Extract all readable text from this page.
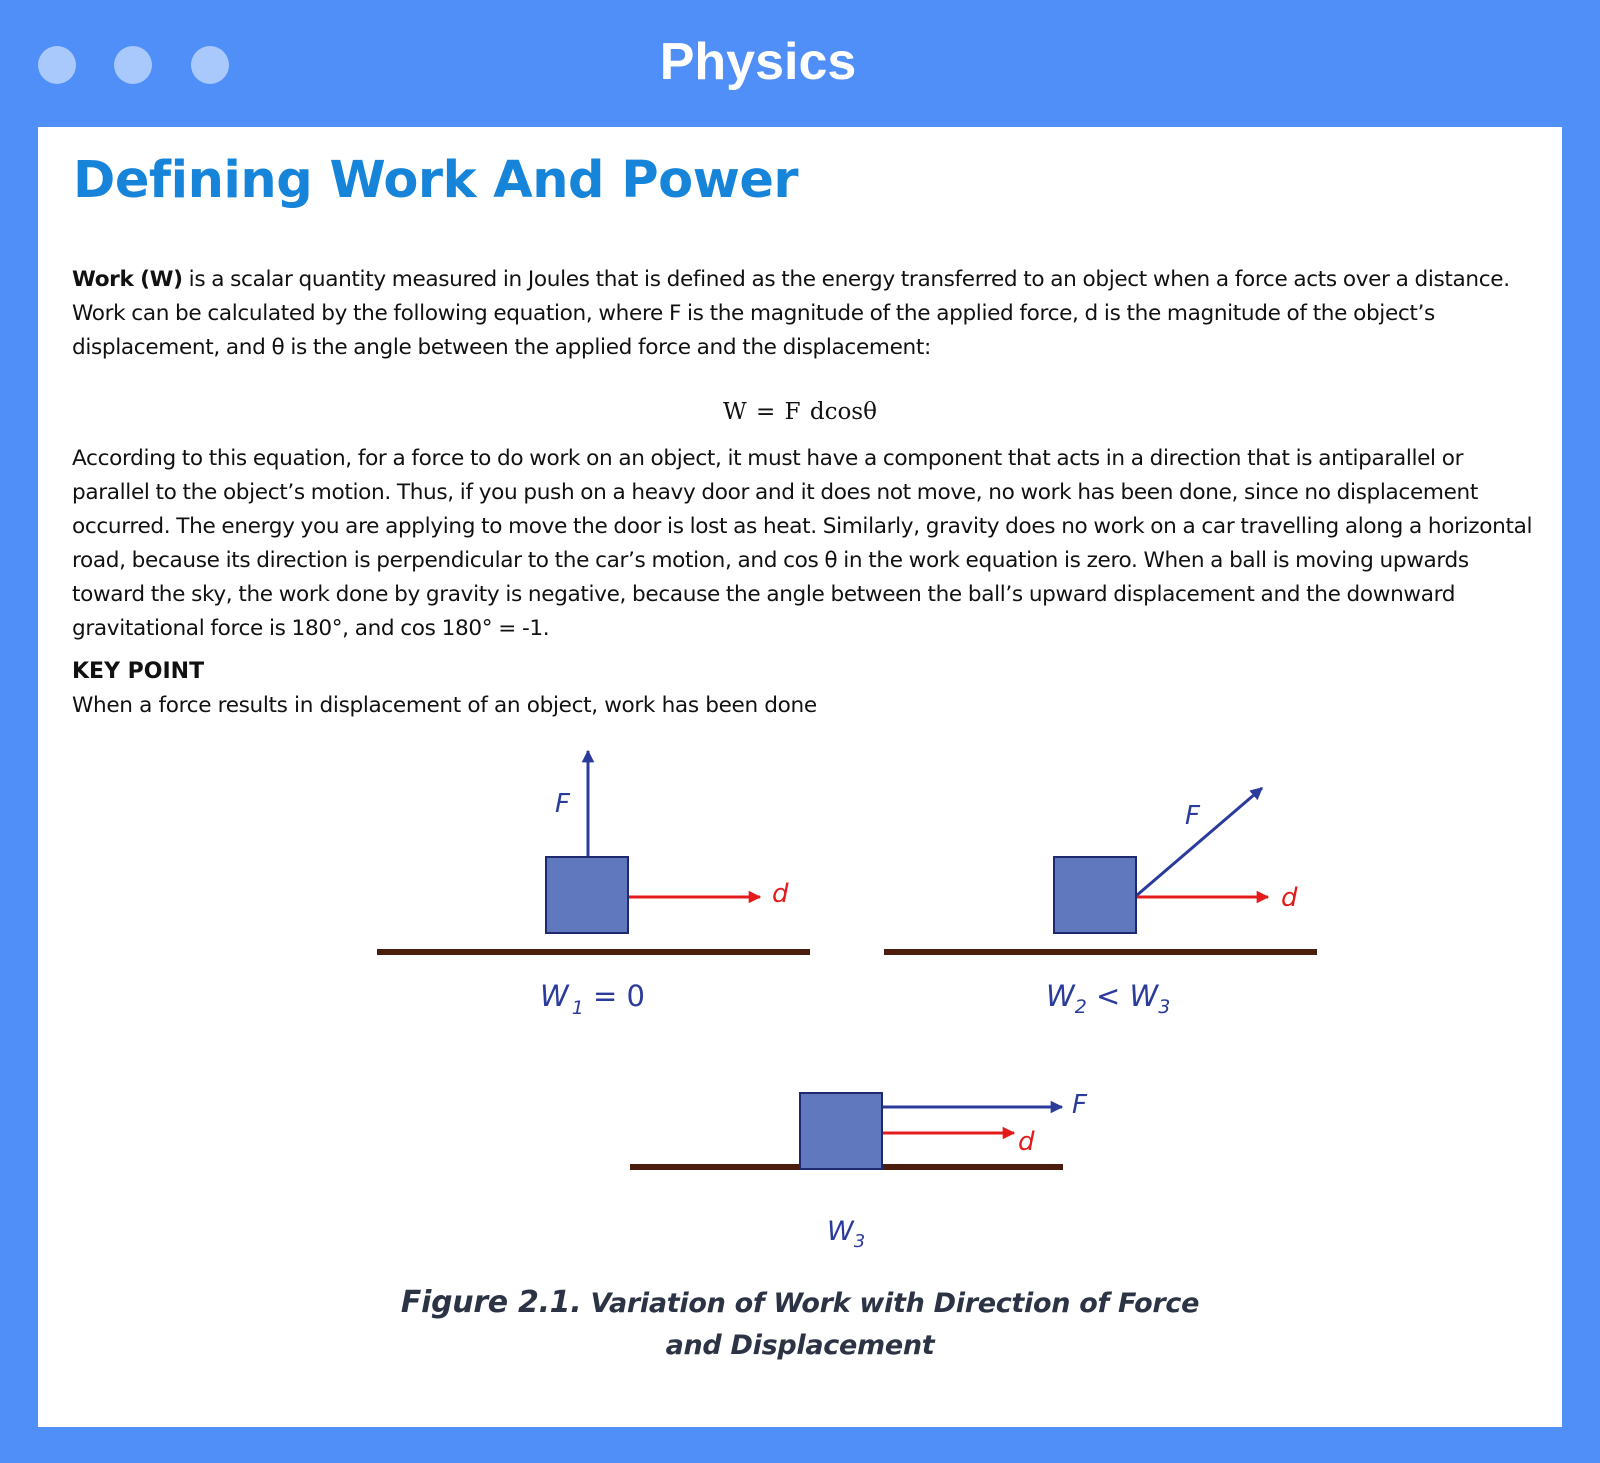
Physics
Defining Work And Power

Work (W) is a scalar quantity measured in Joules that is defined as the energy transferred to an object when a force acts over a distance. Work can be calculated by the following equation, where F is the magnitude of the applied force, d is the magnitude of the object’s displacement, and θ is the angle between the applied force and the displacement:

W = F dcosθ

According to this equation, for a force to do work on an object, it must have a component that acts in a direction that is antiparallel or parallel to the object’s motion. Thus, if you push on a heavy door and it does not move, no work has been done, since no displacement occurred. The energy you are applying to move the door is lost as heat. Similarly, gravity does no work on a car travelling along a horizontal road, because its direction is perpendicular to the car’s motion, and cos θ in the work equation is zero. When a ball is moving upwards toward the sky, the work done by gravity is negative, because the angle between the ball’s upward displacement and the downward gravitational force is 180°, and cos 180° = -1.

KEY POINT

When a force results in displacement of an object, work has been done

F
d
W $_1$ = 0
F
d
$W_2 < W_3$
F
d
$W_3$

Figure 2.1. Variation of Work with Direction of Force and Displacement
